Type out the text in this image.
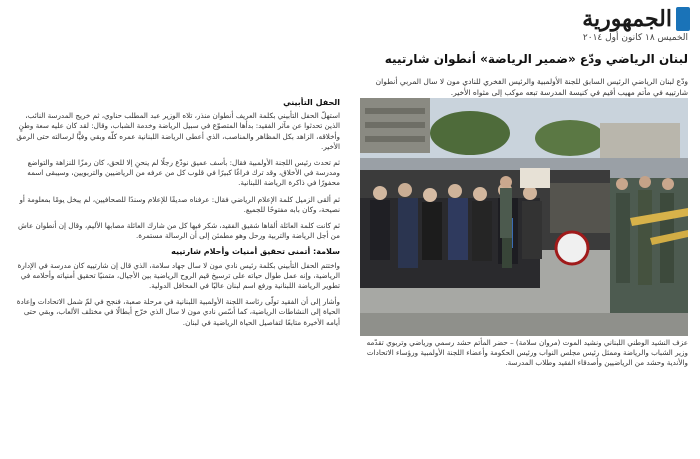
الجمهورية
الخميس ١٨ كانون أول ٢٠١٤
لبنان الرياضي ودّع «ضمير الرياضة» أنطوان شارتييه

ودّع لبنان الرياضي الرئيس السابق للجنة الأولمبية والرئيس الفخري للنادي مون لا سال المربي أنطوان شارتييه في مأتم مهيب أقيم في كنيسة المدرسة تبعه موكب إلى مثواه الأخير.

عزف النشيد الوطني اللبناني ونشيد الموت (مروان سلامة) – حضر المأتم حشد رسمي ورياضي وتربوي تقدّمه وزير الشباب والرياضة وممثل رئيس مجلس النواب ورئيس الحكومة وأعضاء اللجنة الأولمبية ورؤساء الاتحادات والأندية وحشد من الرياضيين وأصدقاء الفقيد وطلاب المدرسة.

الحفل التأبيني

استهلّ الحفل التأبيني بكلمة العريف أنطوان منذر، تلاه الوزير عبد المطلب حناوي، ثم خريج المدرسة النائب، الذين تحدثوا عن مآثر الفقيد: بدأها المتصوّع في سبيل الرياضة وخدمة الشباب، وقال: لقد كان عليه سعة وطنٍ وأخلاقه، الزاهد بكل المظاهر والمناصب، الذي أعطى الرياضة اللبنانية عمره كلّه وبقي وفيًّا لرسالته حتى الرمق الأخير.

ثم تحدث رئيس اللجنة الأولمبية فقال: بأسف عميق نودّع رجلًا لم ينحنِ إلا للحق، كان رمزًا للنزاهة والتواضع ومدرسة في الأخلاق، وقد ترك فراغًا كبيرًا في قلوب كل من عرفه من الرياضيين والتربويين، وسيبقى اسمه محفورًا في ذاكرة الرياضة اللبنانية.

ثم ألقى الزميل كلمة الإعلام الرياضي فقال: عرفناه صديقًا للإعلام وسندًا للصحافيين، لم يبخل يومًا بمعلومة أو نصيحة، وكان بابه مفتوحًا للجميع.

ثم كانت كلمة العائلة ألقاها شقيق الفقيد، شكر فيها كل من شارك العائلة مصابها الأليم، وقال إن أنطوان عاش من أجل الرياضة والتربية ورحل وهو مطمئن إلى أن الرسالة مستمرة.

سلامة: أتمنى تحقيق أمنيات وأحلام شارتييه

واختتم الحفل التأبيني بكلمة رئيس نادي مون لا سال جهاد سلامة، الذي قال إن شارتييه كان مدرسة في الإدارة الرياضية، وإنه عمل طوال حياته على ترسيخ قيم الروح الرياضية بين الأجيال، متمنيًا تحقيق أمنياته وأحلامه في تطوير الرياضة اللبنانية ورفع اسم لبنان عاليًا في المحافل الدولية.

وأشار إلى أن الفقيد تولّى رئاسة اللجنة الأولمبية اللبنانية في مرحلة صعبة، فنجح في لمّ شمل الاتحادات وإعادة الحياة إلى النشاطات الرياضية، كما أسّس نادي مون لا سال الذي خرّج أبطالًا في مختلف الألعاب، وبقي حتى أيامه الأخيرة متابعًا لتفاصيل الحياة الرياضية في لبنان.
